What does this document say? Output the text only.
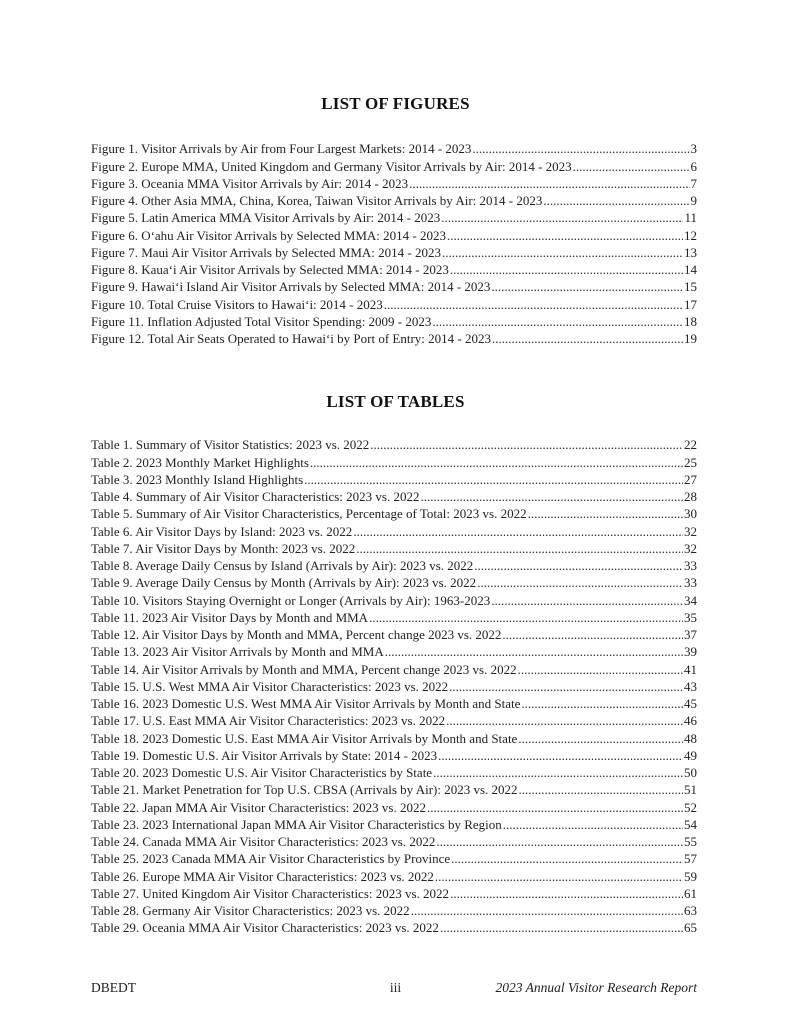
LIST OF FIGURES
Figure 1. Visitor Arrivals by Air from Four Largest Markets: 2014 - 2023 .....	3
Figure 2. Europe MMA, United Kingdom and Germany Visitor Arrivals by Air: 2014 - 2023 .....	6
Figure 3. Oceania MMA Visitor Arrivals by Air: 2014 - 2023 .....	7
Figure 4. Other Asia MMA, China, Korea, Taiwan Visitor Arrivals by Air: 2014 - 2023 .....	9
Figure 5. Latin America MMA Visitor Arrivals by Air: 2014 - 2023 .....	11
Figure 6. O‘ahu Air Visitor Arrivals by Selected MMA: 2014 - 2023 .....	12
Figure 7. Maui Air Visitor Arrivals by Selected MMA: 2014 - 2023 .....	13
Figure 8. Kaua‘i Air Visitor Arrivals by Selected MMA: 2014 - 2023 .....	14
Figure 9. Hawai‘i Island Air Visitor Arrivals by Selected MMA: 2014 - 2023 .....	15
Figure 10. Total Cruise Visitors to Hawai‘i: 2014 - 2023 .....	17
Figure 11. Inflation Adjusted Total Visitor Spending: 2009 - 2023 .....	18
Figure 12. Total Air Seats Operated to Hawai‘i by Port of Entry: 2014 - 2023 .....	19
LIST OF TABLES
Table 1. Summary of Visitor Statistics: 2023 vs. 2022 .....	22
Table 2. 2023 Monthly Market Highlights .....	25
Table 3. 2023 Monthly Island Highlights .....	27
Table 4. Summary of Air Visitor Characteristics: 2023 vs. 2022 .....	28
Table 5. Summary of Air Visitor Characteristics, Percentage of Total: 2023 vs. 2022 .....	30
Table 6. Air Visitor Days by Island: 2023 vs. 2022 .....	32
Table 7. Air Visitor Days by Month: 2023 vs. 2022 .....	32
Table 8. Average Daily Census by Island (Arrivals by Air): 2023 vs. 2022 .....	33
Table 9. Average Daily Census by Month (Arrivals by Air): 2023 vs. 2022 .....	33
Table 10. Visitors Staying Overnight or Longer (Arrivals by Air): 1963-2023 .....	34
Table 11. 2023 Air Visitor Days by Month and MMA .....	35
Table 12. Air Visitor Days by Month and MMA, Percent change 2023 vs. 2022 .....	37
Table 13. 2023 Air Visitor Arrivals by Month and MMA .....	39
Table 14. Air Visitor Arrivals by Month and MMA, Percent change 2023 vs. 2022 .....	41
Table 15. U.S. West MMA Air Visitor Characteristics: 2023 vs. 2022 .....	43
Table 16. 2023 Domestic U.S. West MMA Air Visitor Arrivals by Month and State .....	45
Table 17. U.S. East MMA Air Visitor Characteristics: 2023 vs. 2022 .....	46
Table 18. 2023 Domestic U.S. East MMA Air Visitor Arrivals by Month and State .....	48
Table 19. Domestic U.S. Air Visitor Arrivals by State: 2014 - 2023 .....	49
Table 20. 2023 Domestic U.S. Air Visitor Characteristics by State .....	50
Table 21. Market Penetration for Top U.S. CBSA (Arrivals by Air): 2023 vs. 2022 .....	51
Table 22. Japan MMA Air Visitor Characteristics: 2023 vs. 2022 .....	52
Table 23. 2023 International Japan MMA Air Visitor Characteristics by Region .....	54
Table 24. Canada MMA Air Visitor Characteristics: 2023 vs. 2022 .....	55
Table 25. 2023 Canada MMA Air Visitor Characteristics by Province .....	57
Table 26. Europe MMA Air Visitor Characteristics: 2023 vs. 2022 .....	59
Table 27. United Kingdom Air Visitor Characteristics: 2023 vs. 2022 .....	61
Table 28. Germany Air Visitor Characteristics: 2023 vs. 2022 .....	63
Table 29. Oceania MMA Air Visitor Characteristics: 2023 vs. 2022 .....	65
DBEDT	iii	2023 Annual Visitor Research Report
